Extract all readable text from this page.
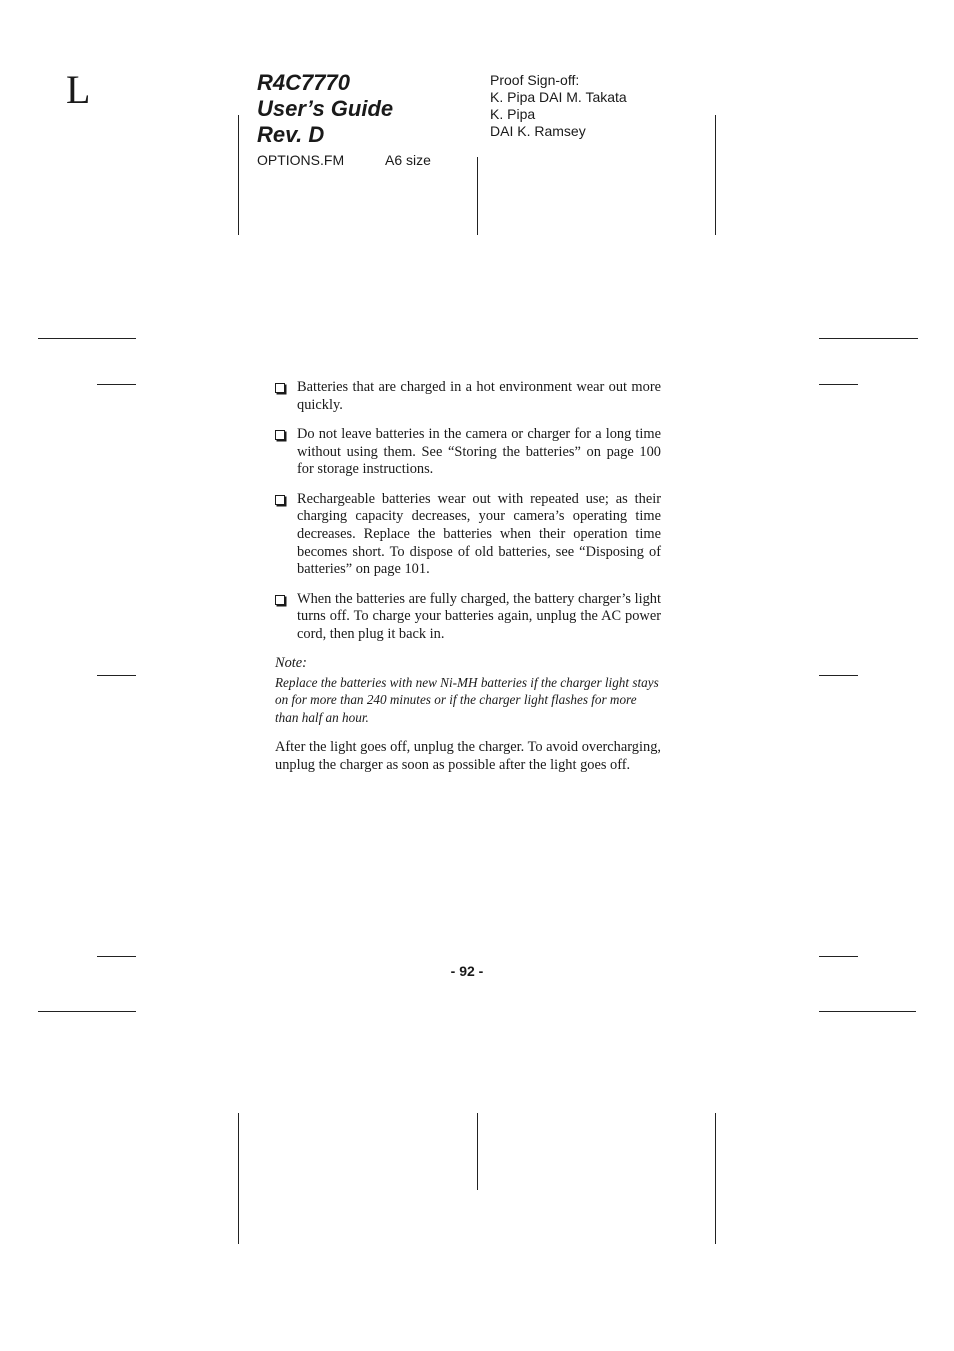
L	R4C7770
User’s Guide
Rev. D
OPTIONS.FM	A6 size
Proof Sign-off:
K. Pipa DAI M. Takata
K. Pipa
DAI K. Ramsey
Batteries that are charged in a hot environment wear out more quickly.
Do not leave batteries in the camera or charger for a long time without using them. See “Storing the batteries” on page 100 for storage instructions.
Rechargeable batteries wear out with repeated use; as their charging capacity decreases, your camera’s operating time decreases. Replace the batteries when their operation time becomes short. To dispose of old batteries, see “Disposing of batteries” on page 101.
When the batteries are fully charged, the battery charger’s light turns off. To charge your batteries again, unplug the AC power cord, then plug it back in.
Note:
Replace the batteries with new Ni-MH batteries if the charger light stays on for more than 240 minutes or if the charger light flashes for more than half an hour.
After the light goes off, unplug the charger. To avoid overcharging, unplug the charger as soon as possible after the light goes off.
- 92 -
